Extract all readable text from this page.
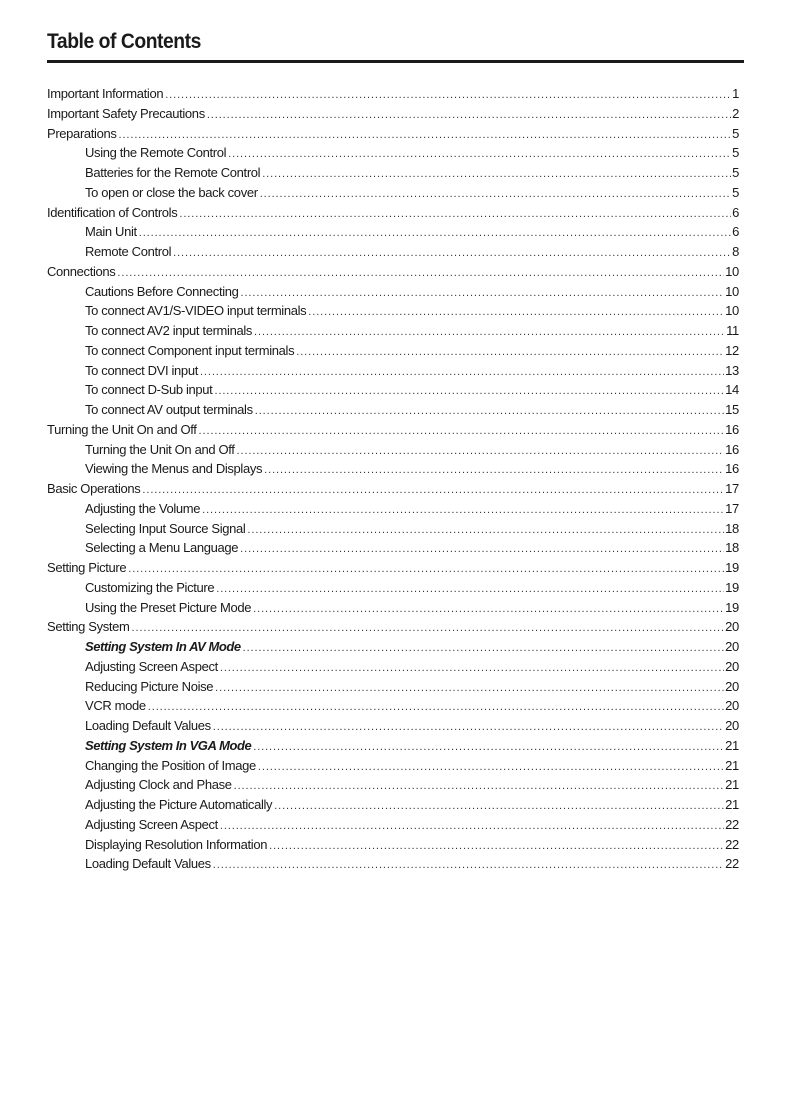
Table of Contents
Important Information .....	1
Important Safety Precautions .....	2
Preparations .....	5
Using the Remote Control .....	5
Batteries for the Remote Control .....	5
To open or close the back cover .....	5
Identification of Controls .....	6
Main Unit .....	6
Remote Control .....	8
Connections .....	10
Cautions Before Connecting .....	10
To connect AV1/S-VIDEO input terminals .....	10
To connect AV2 input terminals .....	11
To connect Component input terminals .....	12
To connect DVI input .....	13
To connect D-Sub input .....	14
To connect AV output terminals .....	15
Turning the Unit On and Off .....	16
Turning the Unit On and Off .....	16
Viewing the Menus and Displays .....	16
Basic Operations .....	17
Adjusting the Volume .....	17
Selecting Input Source Signal .....	18
Selecting a Menu Language .....	18
Setting Picture .....	19
Customizing the Picture .....	19
Using the Preset Picture Mode .....	19
Setting System .....	20
Setting System In AV Mode .....	20
Adjusting Screen Aspect .....	20
Reducing Picture Noise .....	20
VCR mode .....	20
Loading Default Values .....	20
Setting System In VGA Mode .....	21
Changing the Position of Image .....	21
Adjusting Clock and Phase .....	21
Adjusting the Picture Automatically .....	21
Adjusting Screen Aspect .....	22
Displaying Resolution Information .....	22
Loading Default Values .....	22
